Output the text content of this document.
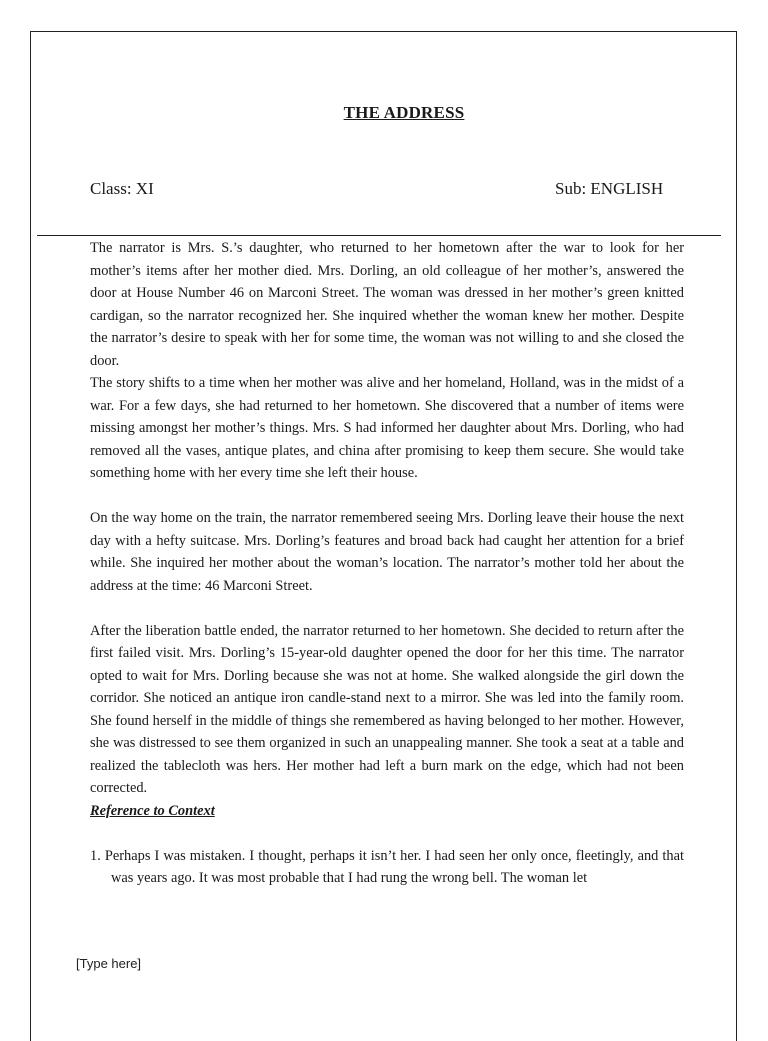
THE ADDRESS
Class: XI	Sub: ENGLISH

The narrator is Mrs. S.’s daughter, who returned to her hometown after the war to look for her mother’s items after her mother died. Mrs. Dorling, an old colleague of her mother’s, answered the door at House Number 46 on Marconi Street. The woman was dressed in her mother’s green knitted cardigan, so the narrator recognized her. She inquired whether the woman knew her mother. Despite the narrator’s desire to speak with her for some time, the woman was not willing to and she closed the door.

The story shifts to a time when her mother was alive and her homeland, Holland, was in the midst of a war. For a few days, she had returned to her hometown. She discovered that a number of items were missing amongst her mother’s things. Mrs. S had informed her daughter about Mrs. Dorling, who had removed all the vases, antique plates, and china after promising to keep them secure. She would take something home with her every time she left their house.

On the way home on the train, the narrator remembered seeing Mrs. Dorling leave their house the next day with a hefty suitcase. Mrs. Dorling’s features and broad back had caught her attention for a brief while. She inquired her mother about the woman’s location. The narrator’s mother told her about the address at the time: 46 Marconi Street.

After the liberation battle ended, the narrator returned to her hometown. She decided to return after the first failed visit. Mrs. Dorling’s 15-year-old daughter opened the door for her this time. The narrator opted to wait for Mrs. Dorling because she was not at home. She walked alongside the girl down the corridor. She noticed an antique iron candle-stand next to a mirror. She was led into the family room. She found herself in the middle of things she remembered as having belonged to her mother. However, she was distressed to see them organized in such an unappealing manner. She took a seat at a table and realized the tablecloth was hers. Her mother had left a burn mark on the edge, which had not been corrected.

Reference to Context

1. Perhaps I was mistaken. I thought, perhaps it isn’t her. I had seen her only once, fleetingly, and that was years ago. It was most probable that I had rung the wrong bell. The woman let

[Type here]
